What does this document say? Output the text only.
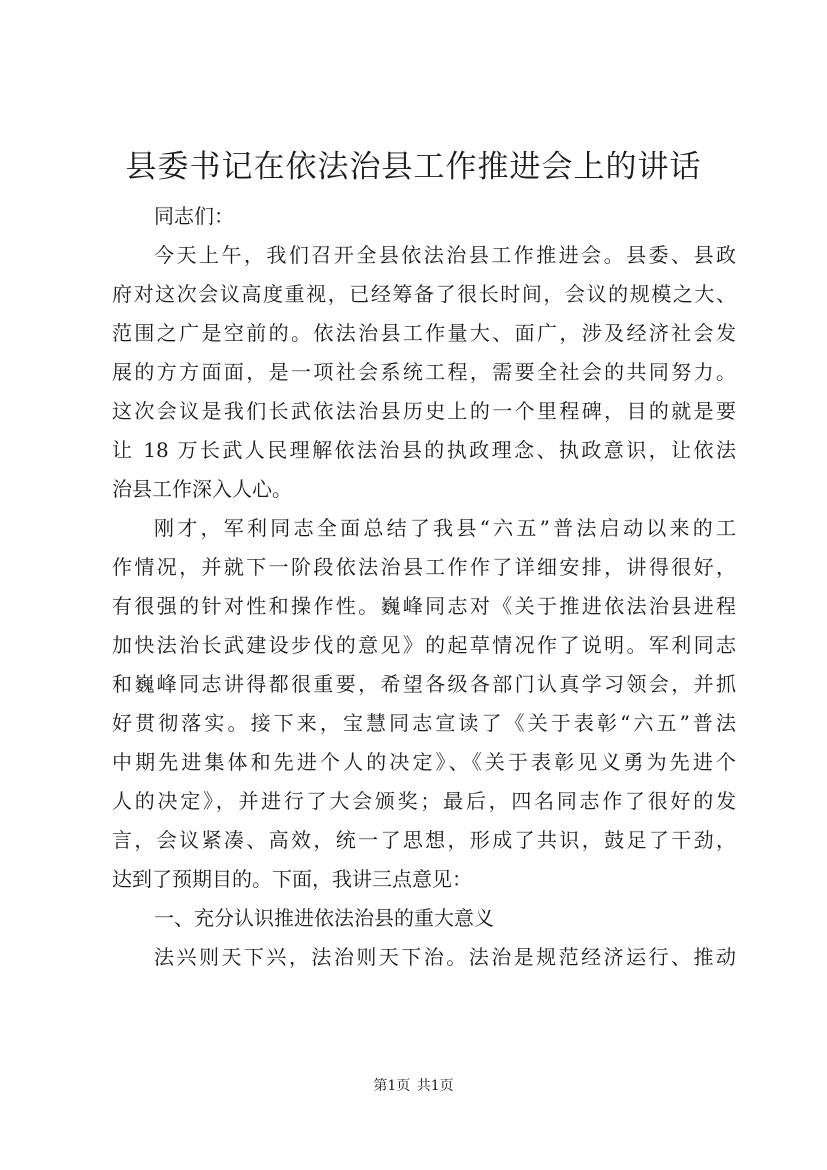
县委书记在依法治县工作推进会上的讲话
同志们：
今天上午，我们召开全县依法治县工作推进会。县委、县政
府对这次会议高度重视，已经筹备了很长时间，会议的规模之大、
范围之广是空前的。依法治县工作量大、面广，涉及经济社会发
展的方方面面，是一项社会系统工程，需要全社会的共同努力。
这次会议是我们长武依法治县历史上的一个里程碑，目的就是要
让 18 万长武人民理解依法治县的执政理念、执政意识，让依法
治县工作深入人心。
刚才，军利同志全面总结了我县“六五”普法启动以来的工
作情况，并就下一阶段依法治县工作作了详细安排，讲得很好，
有很强的针对性和操作性。巍峰同志对《关于推进依法治县进程
加快法治长武建设步伐的意见》的起草情况作了说明。军利同志
和巍峰同志讲得都很重要，希望各级各部门认真学习领会，并抓
好贯彻落实。接下来，宝慧同志宣读了《关于表彰“六五”普法
中期先进集体和先进个人的决定》、《关于表彰见义勇为先进个
人的决定》，并进行了大会颁奖；最后，四名同志作了很好的发
言，会议紧凑、高效，统一了思想，形成了共识，鼓足了干劲，
达到了预期目的。下面，我讲三点意见：
一、充分认识推进依法治县的重大意义
法兴则天下兴，法治则天下治。法治是规范经济运行、推动
第1页 共1页
